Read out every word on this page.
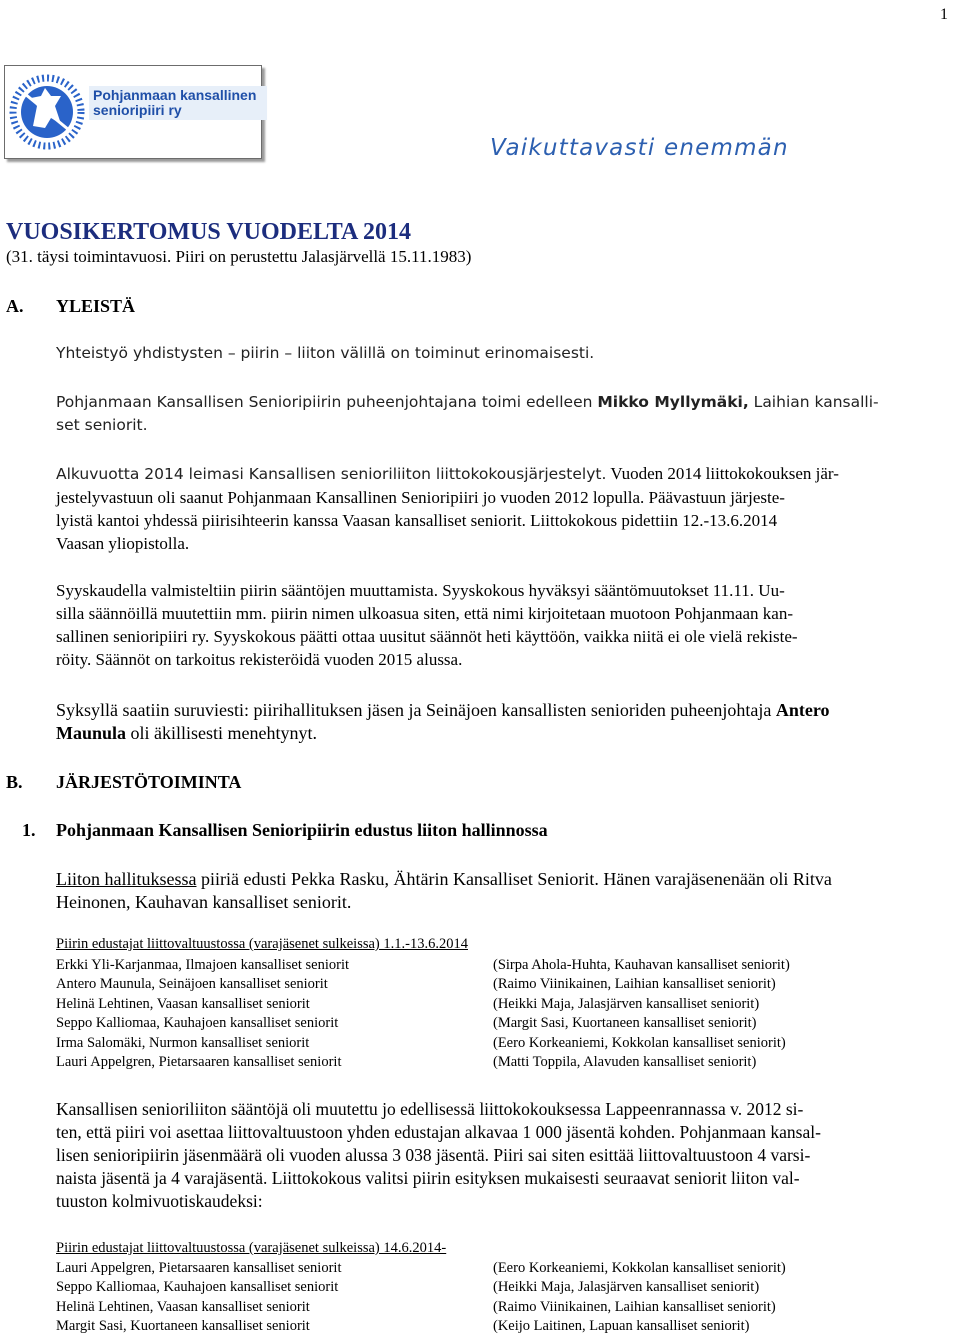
1
Pohjanmaan kansallinen
senioripiiri ry
Vaikuttavasti enemmän
VUOSIKERTOMUS VUODELTA 2014
(31. täysi toimintavuosi. Piiri on perustettu Jalasjärvellä 15.11.1983)
A. YLEISTÄ

Yhteistyö yhdistysten – piirin – liiton välillä on toiminut erinomaisesti.

Pohjanmaan Kansallisen Senioripiirin puheenjohtajana toimi edelleen Mikko Myllymäki, Laihian kansalli-

set seniorit.

Alkuvuotta 2014 leimasi Kansallisen senioriliiton liittokokousjärjestelyt. Vuoden 2014 liittokokouksen jär-

jestelyvastuun oli saanut Pohjanmaan Kansallinen Senioripiiri jo vuoden 2012 lopulla. Päävastuun järjeste-

lyistä kantoi yhdessä piirisihteerin kanssa Vaasan kansalliset seniorit. Liittokokous pidettiin 12.-13.6.2014

Vaasan yliopistolla.

Syyskaudella valmisteltiin piirin sääntöjen muuttamista. Syyskokous hyväksyi sääntömuutokset 11.11. Uu-

silla säännöillä muutettiin mm. piirin nimen ulkoasua siten, että nimi kirjoitetaan muotoon Pohjanmaan kan-

sallinen senioripiiri ry. Syyskokous päätti ottaa uusitut säännöt heti käyttöön, vaikka niitä ei ole vielä rekiste-

röity. Säännöt on tarkoitus rekisteröidä vuoden 2015 alussa.

Syksyllä saatiin suruviesti: piirihallituksen jäsen ja Seinäjoen kansallisten senioriden puheenjohtaja Antero

Maunula oli äkillisesti menehtynyt.

B. JÄRJESTÖTOIMINTA
1. Pohjanmaan Kansallisen Senioripiirin edustus liiton hallinnossa

Liiton hallituksessa piiriä edusti Pekka Rasku, Ähtärin Kansalliset Seniorit. Hänen varajäsenenään oli Ritva

Heinonen, Kauhavan kansalliset seniorit.

Piirin edustajat liittovaltuustossa (varajäsenet sulkeissa) 1.1.-13.6.2014
Erkki Yli-Karjanmaa, Ilmajoen kansalliset seniorit	(Sirpa Ahola-Huhta, Kauhavan kansalliset seniorit)
Antero Maunula, Seinäjoen kansalliset seniorit	(Raimo Viinikainen, Laihian kansalliset seniorit)
Helinä Lehtinen, Vaasan kansalliset seniorit	(Heikki Maja, Jalasjärven kansalliset seniorit)
Seppo Kalliomaa, Kauhajoen kansalliset seniorit	(Margit Sasi, Kuortaneen kansalliset seniorit)
Irma Salomäki, Nurmon kansalliset seniorit	(Eero Korkeaniemi, Kokkolan kansalliset seniorit)
Lauri Appelgren, Pietarsaaren kansalliset seniorit	(Matti Toppila, Alavuden kansalliset seniorit)

Kansallisen senioriliiton sääntöjä oli muutettu jo edellisessä liittokokouksessa Lappeenrannassa v. 2012 si-

ten, että piiri voi asettaa liittovaltuustoon yhden edustajan alkavaa 1 000 jäsentä kohden. Pohjanmaan kansal-

lisen senioripiirin jäsenmäärä oli vuoden alussa 3 038 jäsentä. Piiri sai siten esittää liittovaltuustoon 4 varsi-

naista jäsentä ja 4 varajäsentä. Liittokokous valitsi piirin esityksen mukaisesti seuraavat seniorit liiton val-

tuuston kolmivuotiskaudeksi:

Piirin edustajat liittovaltuustossa (varajäsenet sulkeissa) 14.6.2014-
Lauri Appelgren, Pietarsaaren kansalliset seniorit	(Eero Korkeaniemi, Kokkolan kansalliset seniorit)
Seppo Kalliomaa, Kauhajoen kansalliset seniorit	(Heikki Maja, Jalasjärven kansalliset seniorit)
Helinä Lehtinen, Vaasan kansalliset seniorit	(Raimo Viinikainen, Laihian kansalliset seniorit)
Margit Sasi, Kuortaneen kansalliset seniorit	(Keijo Laitinen, Lapuan kansalliset seniorit)
